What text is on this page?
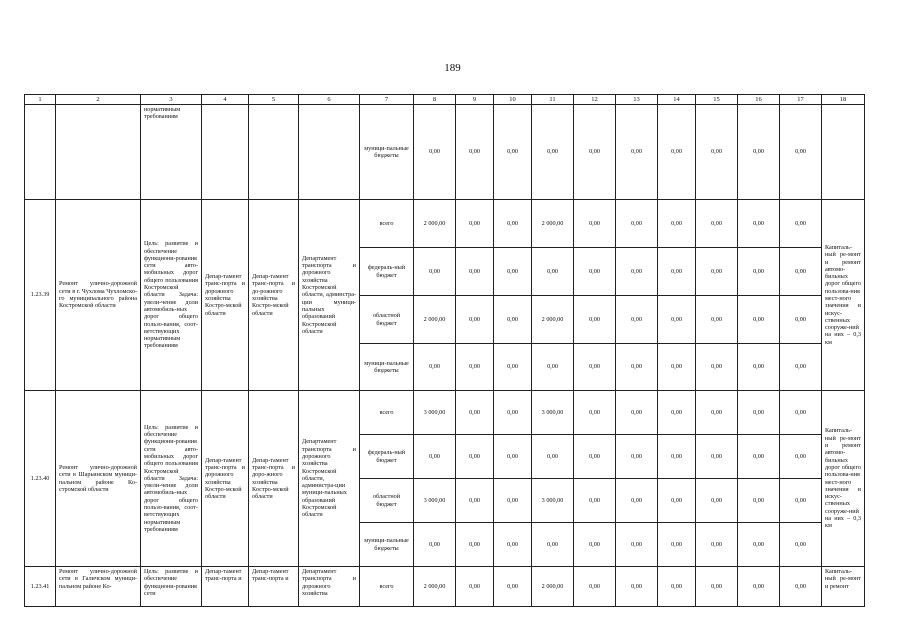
189
1	2	3	4	5	6	7	8	9	10	11	12	13	14	15	16	17	18
		нормативным требованиям				муници-пальные бюджеты	0,00	0,00	0,00	0,00	0,00	0,00	0,00	0,00	0,00	0,00	
1.23.39	Ремонт улично-дорожной сети в г. Чухлома Чухломско-го муниципального района Костромской области	Цель: развитие и обеспечение функциони-рования сети авто-мобильных дорог общего пользования Костромской области Задача: увели-чение доли автомобиль-ных дорог общего пользо-вания, соот-ветствующих нормативным требованиям	Депар-тамент транс-порта и дорожного хозяйства Костро-мской области	Депар-тамент транс-порта и до-рожного хозяйства Костро-мской области	Департамент транспорта и дорожного хозяйства Костромской области, админстра-ции муници-пальных образований Костромской области	всего	2 000,00	0,00	0,00	2 000,00	0,00	0,00	0,00	0,00	0,00	0,00	Капиталь-ный ре-монт и ремонт автомо-бильных дорог общего пользова-ния мест-ного значения и искус-ственных сооруже-ний на них – 0,3 км
						федераль-ный бюджет	0,00	0,00	0,00	0,00	0,00	0,00	0,00	0,00	0,00	0,00	
						областной бюджет	2 000,00	0,00	0,00	2 000,00	0,00	0,00	0,00	0,00	0,00	0,00	
						муници-пальные бюджеты	0,00	0,00	0,00	0,00	0,00	0,00	0,00	0,00	0,00	0,00	
1.23.40	Ремонт улично-дорожной сети в Шарьинском муници-пальном районе Ко-стромской области	Цель: развитие и обеспечение функциони-рования сети авто-мобильных дорог общего пользования Костромской области Задача: увели-чение доли автомобиль-ных дорог общего пользо-вания, соот-ветствующих нормативным требованиям	Депар-тамент транс-порта и дорожного хозяйства Костро-мской области	Депар-тамент транс-порта и доро-жного хозяйства Костро-мской области	Департамент транспорта и дорожного хозяйства Костромской области, администра-ции муници-пальных образований Костромской области	всего	3 000,00	0,00	0,00	3 000,00	0,00	0,00	0,00	0,00	0,00	0,00	Капиталь-ный ре-монт и ремонт автомо-бильных дорог общего пользова-ния мест-ного значения и искус-ственных сооруже-ний на них – 0,3 км
						федераль-ный бюджет	0,00	0,00	0,00	0,00	0,00	0,00	0,00	0,00	0,00	0,00	
						областной бюджет	3 000,00	0,00	0,00	3 000,00	0,00	0,00	0,00	0,00	0,00	0,00	
						муници-пальные бюджеты	0,00	0,00	0,00	0,00	0,00	0,00	0,00	0,00	0,00	0,00	
1.23.41	Ремонт улично-дорожной сети в Галичском муници-пальном районе Ко-	Цель: развитие и обеспечение функциони-рования сети	Депар-тамент транс-порта и	Депар-тамент транс-порта и	Департамент транспорта и дорожного хозяйства	всего	2 000,00	0,00	0,00	2 000,00	0,00	0,00	0,00	0,00	0,00	0,00	Капиталь-ный ре-монт и ремонт
